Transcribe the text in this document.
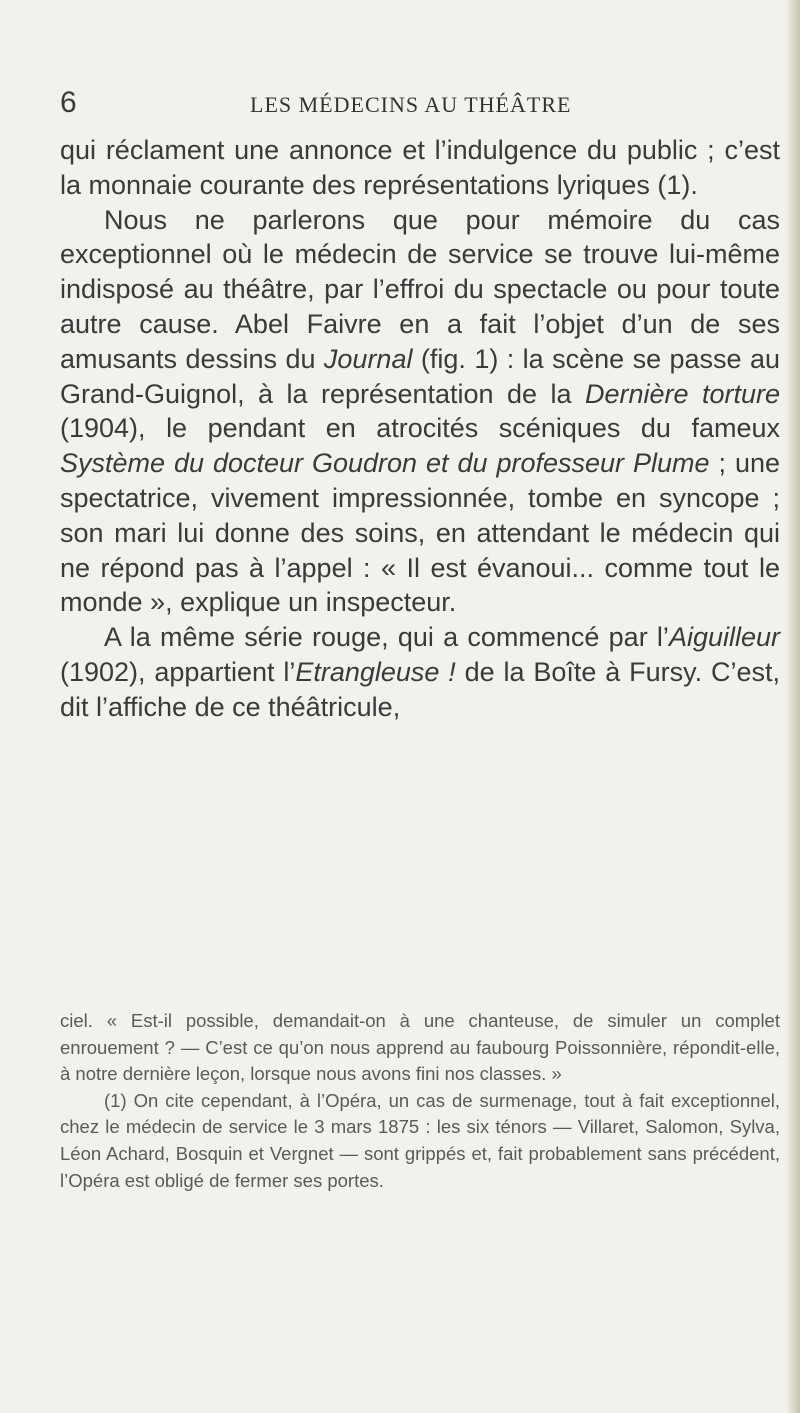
6	LES MÉDECINS AU THÉÂTRE

qui réclament une annonce et l’indulgence du public ; c’est la monnaie courante des représentations lyriques (1).

Nous ne parlerons que pour mémoire du cas exceptionnel où le médecin de service se trouve lui-même indisposé au théâtre, par l’effroi du spectacle ou pour toute autre cause. Abel Faivre en a fait l’objet d’un de ses amusants dessins du Journal (fig. 1) : la scène se passe au Grand-Guignol, à la représentation de la Dernière torture (1904), le pendant en atrocités scéniques du fameux Système du docteur Goudron et du professeur Plume ; une spectatrice, vivement impressionnée, tombe en syncope ; son mari lui donne des soins, en attendant le médecin qui ne répond pas à l’appel : « Il est évanoui... comme tout le monde », explique un inspecteur.

A la même série rouge, qui a commencé par l’Aiguilleur (1902), appartient l’Etrangleuse ! de la Boîte à Fursy. C’est, dit l’affiche de ce théâtricule,

ciel. « Est-il possible, demandait-on à une chanteuse, de simuler un complet enrouement ? — C’est ce qu’on nous apprend au faubourg Poissonnière, répondit-elle, à notre dernière leçon, lorsque nous avons fini nos classes. »

(1) On cite cependant, à l’Opéra, un cas de surmenage, tout à fait exceptionnel, chez le médecin de service le 3 mars 1875 : les six ténors — Villaret, Salomon, Sylva, Léon Achard, Bosquin et Vergnet — sont grippés et, fait probablement sans précédent, l’Opéra est obligé de fermer ses portes.
